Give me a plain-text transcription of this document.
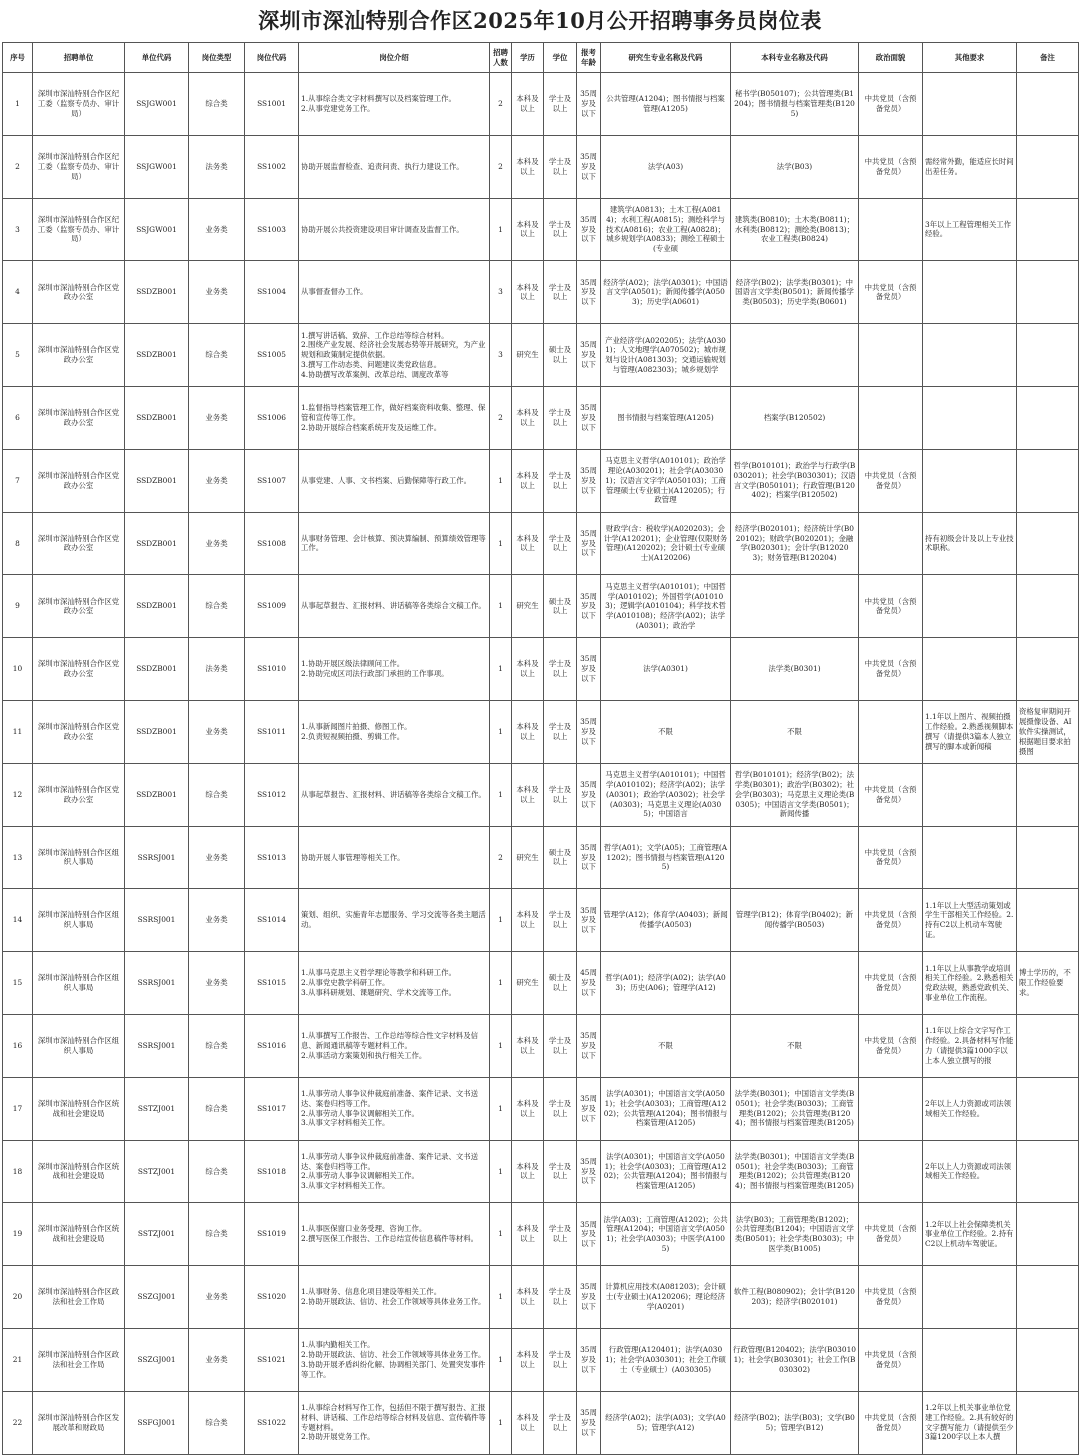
深圳市深汕特别合作区2025年10月公开招聘事务员岗位表
序号	招聘单位	单位代码	岗位类型	岗位代码	岗位介绍	招聘人数	学历	学位	报考年龄	研究生专业名称及代码	本科专业名称及代码	政治面貌	其他要求	备注

1	深圳市深汕特别合作区纪工委（监察专员办、审计局）	SSJGW001	综合类	SS1001	1.从事综合类文字材料撰写以及档案管理工作。
2.从事党建党务工作。	2	本科及以上	学士及以上	35周岁及以下	公共管理(A1204)；图书情报与档案管理(A1205)	秘书学(B050107)；公共管理类(B1204)；图书情报与档案管理类(B1205)	中共党员（含预备党员）		

2	深圳市深汕特别合作区纪工委（监察专员办、审计局）	SSJGW001	法务类	SS1002	协助开展监督检查、追责问责、执行力建设工作。	2	本科及以上	学士及以上	35周岁及以下	法学(A03)	法学(B03)	中共党员（含预备党员）	需经常外勤，能适应长时间出差任务。	

3	深圳市深汕特别合作区纪工委（监察专员办、审计局）	SSJGW001	业务类	SS1003	协助开展公共投资建设项目审计调查及监督工作。	1	本科及以上	学士及以上	35周岁及以下	建筑学(A0813)；土木工程(A0814)；水利工程(A0815)；测绘科学与技术(A0816)；农业工程(A0828)；城乡规划学(A0833)；测绘工程硕士(专业硕	建筑类(B0810)；土木类(B0811)；水利类(B0812)；测绘类(B0813)；农业工程类(B0824)		3年以上工程管理相关工作经验。	

4	深圳市深汕特别合作区党政办公室	SSDZB001	业务类	SS1004	从事督查督办工作。	3	本科及以上	学士及以上	35周岁及以下	经济学(A02)；法学(A0301)；中国语言文学(A0501)；新闻传播学(A0503)；历史学(A0601)	经济学(B02)；法学类(B0301)；中国语言文学类(B0501)；新闻传播学类(B0503)；历史学类(B0601)	中共党员（含预备党员）		

5	深圳市深汕特别合作区党政办公室	SSDZB001	综合类	SS1005	1.撰写讲话稿、致辞、工作总结等综合材料。
2.围绕产业发展、经济社会发展态势等开展研究，为产业规划和政策制定提供依据。
3.撰写工作动态类、问题建议类党政信息。
4.协助撰写改革案例、改革总结、调度改革等	3	研究生	硕士及以上	35周岁及以下	产业经济学(A020205)；法学(A0301)；人文地理学(A070502)；城市规划与设计(A081303)；交通运输规划与管理(A082303)；城乡规划学				

6	深圳市深汕特别合作区党政办公室	SSDZB001	业务类	SS1006	1.监督指导档案管理工作，做好档案资料收集、整理、保管和宣传等工作。
2.协助开展综合档案系统开发及运维工作。	2	本科及以上	学士及以上	35周岁及以下	图书情报与档案管理(A1205)	档案学(B120502)			

7	深圳市深汕特别合作区党政办公室	SSDZB001	业务类	SS1007	从事党建、人事、文书档案、后勤保障等行政工作。	1	本科及以上	学士及以上	35周岁及以下	马克思主义哲学(A010101)；政治学理论(A030201)；社会学(A030301)；汉语言文字学(A050103)；工商管理硕士(专业硕士)(A120205)；行政管理	哲学(B010101)；政治学与行政学(B030201)；社会学(B030301)；汉语言文学(B050101)；行政管理(B120402)；档案学(B120502)	中共党员（含预备党员）		

8	深圳市深汕特别合作区党政办公室	SSDZB001	业务类	SS1008	从事财务管理、会计核算、预决算编制、预算绩效管理等工作。	1	本科及以上	学士及以上	35周岁及以下	财政学(含：税收学)(A020203)；会计学(A120201)；企业管理(仅限财务管理)(A120202)；会计硕士(专业硕士)(A120206)	经济学(B020101)；经济统计学(B020102)；财政学(B020201)；金融学(B020301)；会计学(B120203)；财务管理(B120204)		持有初级会计及以上专业技术职称。	

9	深圳市深汕特别合作区党政办公室	SSDZB001	综合类	SS1009	从事起草报告、汇报材料、讲话稿等各类综合文稿工作。	1	研究生	硕士及以上	35周岁及以下	马克思主义哲学(A010101)；中国哲学(A010102)；外国哲学(A010103)；逻辑学(A010104)；科学技术哲学(A010108)；经济学(A02)；法学(A0301)；政治学		中共党员（含预备党员）		

10	深圳市深汕特别合作区党政办公室	SSDZB001	法务类	SS1010	1.协助开展区级法律顾问工作。
2.协助完成区司法行政部门承担的工作事项。	1	本科及以上	学士及以上	35周岁及以下	法学(A0301)	法学类(B0301)	中共党员（含预备党员）		

11	深圳市深汕特别合作区党政办公室	SSDZB001	业务类	SS1011	1.从事新闻图片拍摄、修图工作。
2.负责短视频拍摄、剪辑工作。	1	本科及以上	学士及以上	35周岁及以下	不限	不限		1.1年以上图片、视频拍摄工作经验。2.熟悉视频脚本撰写（请提供3篇本人独立撰写的脚本或新闻稿	资格复审期间开展摄像设备、AI软件实操测试，根据题目要求拍摄图

12	深圳市深汕特别合作区党政办公室	SSDZB001	综合类	SS1012	从事起草报告、汇报材料、讲话稿等各类综合文稿工作。	1	本科及以上	学士及以上	35周岁及以下	马克思主义哲学(A010101)；中国哲学(A010102)；经济学(A02)；法学(A0301)；政治学(A0302)；社会学(A0303)；马克思主义理论(A0305)；中国语言	哲学(B010101)；经济学(B02)；法学类(B0301)；政治学(B0302)；社会学(B0303)；马克思主义理论类(B0305)；中国语言文学类(B0501)；新闻传播	中共党员（含预备党员）		

13	深圳市深汕特别合作区组织人事局	SSRSJ001	业务类	SS1013	协助开展人事管理等相关工作。	2	研究生	硕士及以上	35周岁及以下	哲学(A01)；文学(A05)；工商管理(A1202)；图书情报与档案管理(A1205)		中共党员（含预备党员）		

14	深圳市深汕特别合作区组织人事局	SSRSJ001	业务类	SS1014	策划、组织、实施青年志愿服务、学习交流等各类主题活动。	1	本科及以上	学士及以上	35周岁及以下	管理学(A12)；体育学(A0403)；新闻传播学(A0503)	管理学(B12)；体育学(B0402)；新闻传播学(B0503)	中共党员（含预备党员）	1.1年以上大型活动策划或学生干部相关工作经验。2.持有C2以上机动车驾驶证。	

15	深圳市深汕特别合作区组织人事局	SSRSJ001	业务类	SS1015	1.从事马克思主义哲学理论等教学和科研工作。
2.从事党史教学科研工作。
3.从事科研规划、课题研究、学术交流等工作。	1	研究生	硕士及以上	45周岁及以下	哲学(A01)；经济学(A02)；法学(A03)；历史(A06)；管理学(A12)		中共党员（含预备党员）	1.1年以上从事教学或培训相关工作经验。2.熟悉相关党政法规，熟悉党政机关、事业单位工作流程。	博士学历的，不限工作经验要求。

16	深圳市深汕特别合作区组织人事局	SSRSJ001	综合类	SS1016	1.从事撰写工作报告、工作总结等综合性文字材料及信息、新闻通讯稿等专题材料工作。
2.从事活动方案策划和执行相关工作。	1	本科及以上	学士及以上	35周岁及以下	不限	不限	中共党员（含预备党员）	1.1年以上综合文字写作工作经验。2.具备材料写作能力（请提供3篇1000字以上本人独立撰写的报	

17	深圳市深汕特别合作区统战和社会建设局	SSTZJ001	综合类	SS1017	1.从事劳动人事争议仲裁庭前准备、案件记录、文书送达、案卷归档等工作。
2.从事劳动人事争议调解相关工作。
3.从事文字材料相关工作。	1	本科及以上	学士及以上	35周岁及以下	法学(A0301)；中国语言文学(A0501)；社会学(A0303)；工商管理(A1202)；公共管理(A1204)；图书情报与档案管理(A1205)	法学类(B0301)；中国语言文学类(B0501)；社会学类(B0303)；工商管理类(B1202)；公共管理类(B1204)；图书情报与档案管理类(B1205)		2年以上人力资源或司法领域相关工作经验。	

18	深圳市深汕特别合作区统战和社会建设局	SSTZJ001	综合类	SS1018	1.从事劳动人事争议仲裁庭前准备、案件记录、文书送达、案卷归档等工作。
2.从事劳动人事争议调解相关工作。
3.从事文字材料相关工作。	1	本科及以上	学士及以上	35周岁及以下	法学(A0301)；中国语言文学(A0501)；社会学(A0303)；工商管理(A1202)；公共管理(A1204)；图书情报与档案管理(A1205)	法学类(B0301)；中国语言文学类(B0501)；社会学类(B0303)；工商管理类(B1202)；公共管理类(B1204)；图书情报与档案管理类(B1205)		2年以上人力资源或司法领域相关工作经验。	

19	深圳市深汕特别合作区统战和社会建设局	SSTZJ001	综合类	SS1019	1.从事医保窗口业务受理、咨询工作。
2.撰写医保工作报告、工作总结宣传信息稿件等材料。	1	本科及以上	学士及以上	35周岁及以下	法学(A03)；工商管理(A1202)；公共管理(A1204)；中国语言文学(A0501)；社会学(A0303)；中医学(A1005)	法学(B03)；工商管理类(B1202)；公共管理类(B1204)；中国语言文学类(B0501)；社会学类(B0303)；中医学类(B1005)	中共党员（含预备党员）	1.2年以上社会保障类机关事业单位工作经验。2.持有C2以上机动车驾驶证。	

20	深圳市深汕特别合作区政法和社会工作局	SSZGJ001	业务类	SS1020	1.从事财务、信息化项目建设等相关工作。
2.协助开展政法、信访、社会工作领域等具体业务工作。	1	本科及以上	学士及以上	35周岁及以下	计算机应用技术(A081203)；会计硕士(专业硕士)(A120206)；理论经济学(A0201)	软件工程(B080902)；会计学(B120203)；经济学(B020101)	中共党员（含预备党员）		

21	深圳市深汕特别合作区政法和社会工作局	SSZGJ001	业务类	SS1021	1.从事内勤相关工作。
2.协助开展政法、信访、社会工作领域等具体业务工作。
3.协助开展矛盾纠纷化解、协调相关部门、处置突发事件等工作。	1	本科及以上	学士及以上	35周岁及以下	行政管理(A120401)；法学(A0301)；社会学(A030301)；社会工作硕士（专业硕士）(A030305)	行政管理(B120402)；法学(B030101)；社会学(B030301)；社会工作(B030302)	中共党员（含预备党员）		

22	深圳市深汕特别合作区发展改革和财政局	SSFGJ001	综合类	SS1022	1.从事综合材料写作工作，包括但不限于撰写报告、汇报材料、讲话稿、工作总结等综合材料及信息、宣传稿件等专题材料。
2.协助开展党务工作。	1	本科及以上	学士及以上	35周岁及以下	经济学(A02)；法学(A03)；文学(A05)；管理学(A12)	经济学(B02)；法学(B03)；文学(B05)；管理学(B12)	中共党员（含预备党员）	1.2年以上机关事业单位党建工作经验。2.具有较好的文字撰写能力（请提供至少3篇1200字以上本人撰	
